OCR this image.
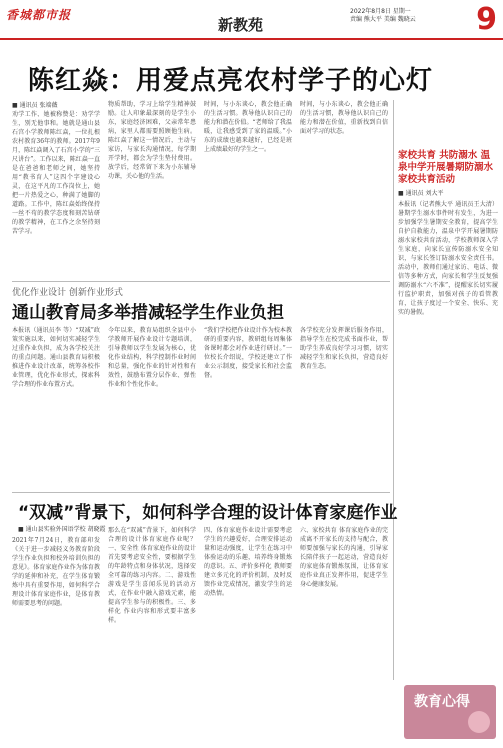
香城都市报
新教苑
2022年8月8日 星期一
责编 熊大平 美编 魏晓云	9
陈红焱：用爱点亮农村学子的心灯
■ 通讯员 张端薇
劝学工作、她被称赞是：劝学学生，别无他事和。她就是通山县石宫小学教师陈红焱，一位扎根农村教育36年的教师。2017年9月，陈红焱调入了石宫小学的“三尺讲台”。工作以来，陈红焱一直是在爸爸和老师之间，她坚持用“教书育人”这四个字建设心灵，在这平凡的工作岗位上，她把一片热爱之心，种满了她脚的道路。工作中，陈红焱始终保持一丝不苟的教学态度和刻苦钻研的教学精神，在工作之余坚持刻苦学习。
物质帮助，学习上给学生精神鼓励。让人印象最深刻的是学生小东，家庭经济困难，父亲常年患病，家里人都需要照顾他生病。陈红焱了解这一情况后，主动与家访，与家长沟通情况，每学期开学时，都会为学生垫付费用。放学后，经常留下来为小东辅导功课，关心他的生活。
时间，与小东谈心，教会他正确的生活习惯。教导他认识自己的能力和潜在价值。“老师给了我温暖，让我感受到了家的温暖。”小东的成绩也越来越好，已经是班上成绩最好的学生之一。
时间，与小东谈心，教会他正确的生活习惯，教导他认识自己的能力和潜在价值，重新找到自信面对学习的状态。
家校共育 共防溺水 温泉中学开展暑期防溺水家校共育活动
■ 通讯员 刘大平
本报讯（记者熊大平 通讯员王大清）暑期学生溺水事件时有发生，为进一步加强学生暑期安全教育，提高学生自护自救能力，温泉中学开展暑期防溺水家校共育活动，学校教师深入学生家庭，向家长宣传防溺水安全知识，与家长签订防溺水安全责任书。活动中，教师们通过家访、电话、微信等多种方式，向家长和学生反复强调防溺水“六不准”，提醒家长切实履行监护职责，加强对孩子的看管教育，让孩子度过一个安全、快乐、充实的暑假。
优化作业设计 创新作业形式
通山教育局多举措减轻学生作业负担
本报讯（通讯员李 等）“双减”政策实施以来，如何切实减轻学生过重作业负担，成为各学校关注的重点问题。通山县教育局积极推进作业设计改革，统筹各校作业管理，优化作业形式，探索科学合理的作业布置方式。
今年以来，教育局组织全县中小学教师开展作业设计专题培训，引导教师以学生发展为核心，优化作业结构，科学控制作业时间和总量，强化作业的针对性和有效性，鼓励布置分层作业、弹性作业和个性化作业。
“我们学校把作业设计作为校本教研的重要内容，教研组每周集体备课时都会对作业进行研讨。”一位校长介绍说，学校还建立了作业公示制度，接受家长和社会监督。
各学校充分发挥课后服务作用，指导学生在校完成书面作业，帮助学生养成良好学习习惯，切实减轻学生和家长负担，营造良好教育生态。
“双减”背景下，如何科学合理的设计体育家庭作业
■ 通山县实验外国语学校 胡晓霞
2021年7月24日，教育部印发《关于进一步减轻义务教育阶段学生作业负担和校外培训负担的意见》。体育家庭作业作为体育教学的延伸和补充，在学生体育锻炼中具有重要作用，如何科学合理设计体育家庭作业，是体育教师需要思考的问题。
那么在“双减”背景下，如何科学合理的设计体育家庭作业呢？一、安全性 体育家庭作业的设计首先要考虑安全性，要根据学生的年龄特点和身体状况，选择安全可靠的练习内容。二、游戏性 游戏是学生喜闻乐见的活动方式，在作业中融入游戏元素，能提高学生参与的积极性。三、多样化 作业内容和形式要丰富多样。
四、体育家庭作业设计需要考虑学生的兴趣爱好，合理安排运动量和运动强度，让学生在练习中体验运动的乐趣，培养终身锻炼的意识。五、评价多样化 教师要建立多元化的评价机制，及时反馈作业完成情况，激发学生的运动热情。
六、家校共育 体育家庭作业的完成离不开家长的支持与配合，教师要加强与家长的沟通，引导家长陪伴孩子一起运动，营造良好的家庭体育锻炼氛围，让体育家庭作业真正发挥作用，促进学生身心健康发展。
教育心得
